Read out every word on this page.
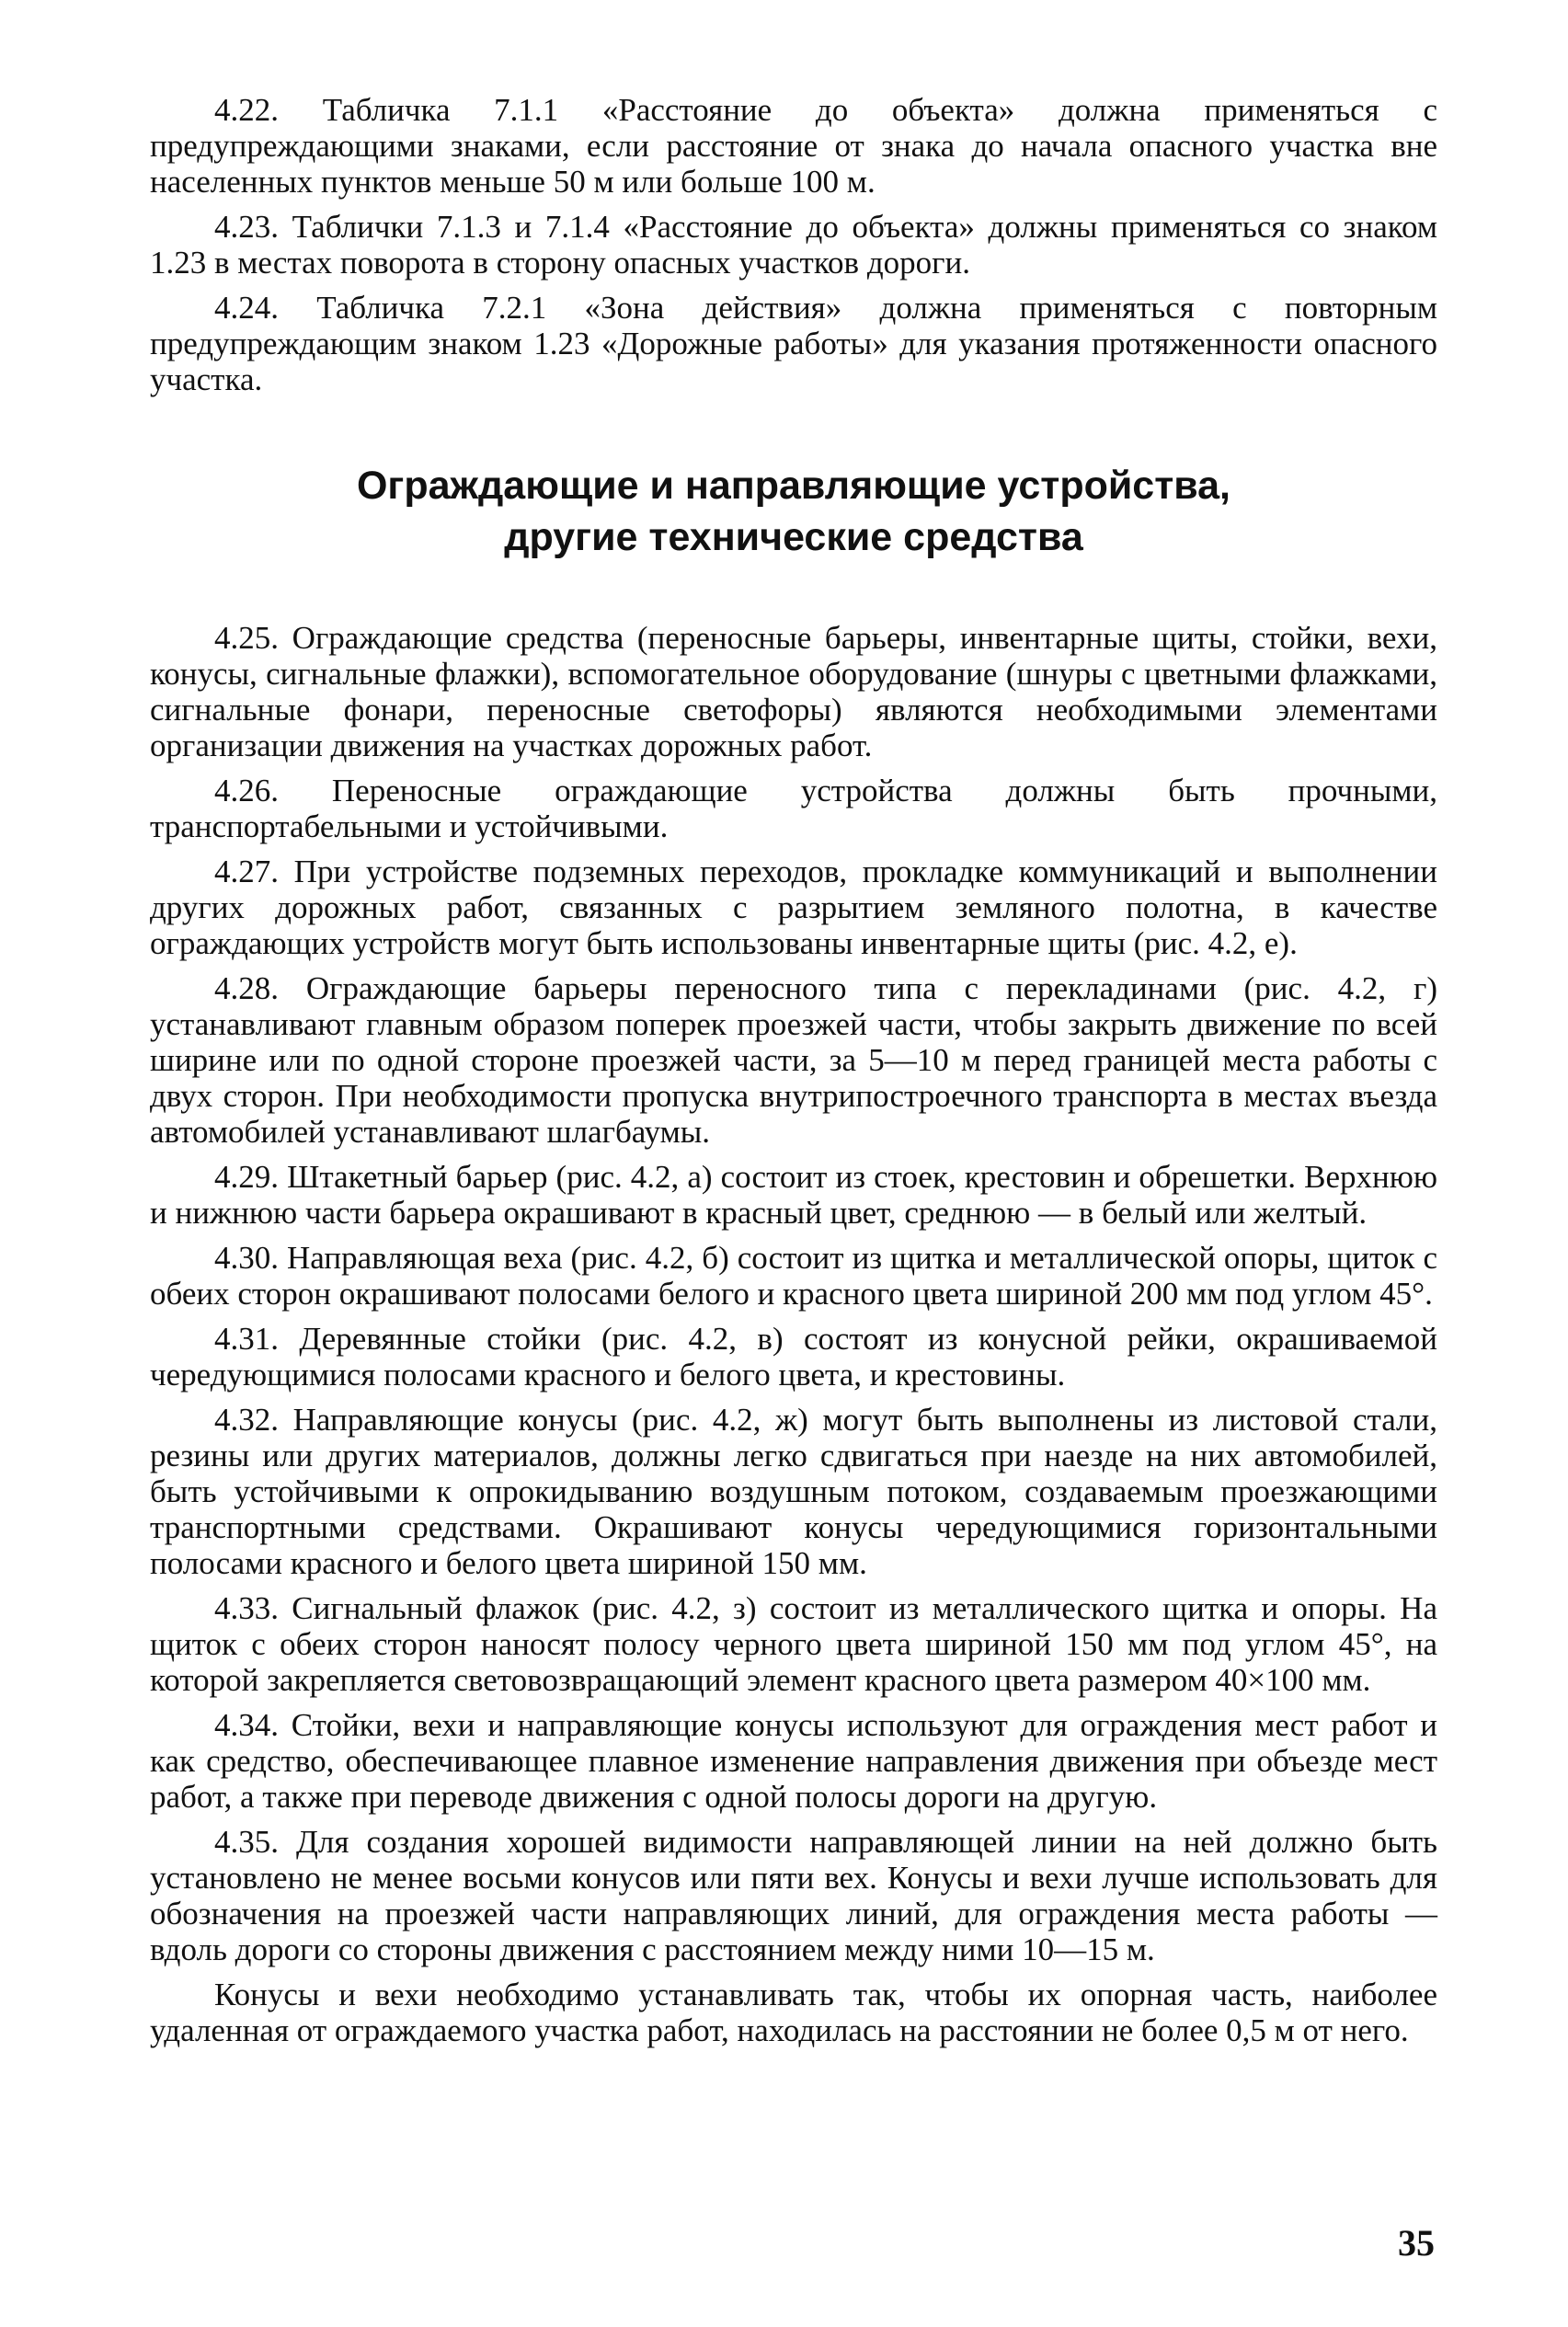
4.22. Табличка 7.1.1 «Расстояние до объекта» должна применяться с предупреждающими знаками, если расстояние от знака до начала опасного участка вне населенных пунктов меньше 50 м или больше 100 м.

4.23. Таблички 7.1.3 и 7.1.4 «Расстояние до объекта» должны применяться со знаком 1.23 в местах поворота в сторону опасных участков дороги.

4.24. Табличка 7.2.1 «Зона действия» должна применяться с повторным предупреждающим знаком 1.23 «Дорожные работы» для указания протяженности опасного участка.

Ограждающие и направляющие устройства,
другие технические средства

4.25. Ограждающие средства (переносные барьеры, инвентарные щиты, стойки, вехи, конусы, сигнальные флажки), вспомогательное оборудование (шнуры с цветными флажками, сигнальные фонари, переносные светофоры) являются необходимыми элементами организации движения на участках дорожных работ.

4.26. Переносные ограждающие устройства должны быть прочными, транспортабельными и устойчивыми.

4.27. При устройстве подземных переходов, прокладке коммуникаций и выполнении других дорожных работ, связанных с разрытием земляного полотна, в качестве ограждающих устройств могут быть использованы инвентарные щиты (рис. 4.2, е).

4.28. Ограждающие барьеры переносного типа с перекладинами (рис. 4.2, г) устанавливают главным образом поперек проезжей части, чтобы закрыть движение по всей ширине или по одной стороне проезжей части, за 5—10 м перед границей места работы с двух сторон. При необходимости пропуска внутрипостроечного транспорта в местах въезда автомобилей устанавливают шлагбаумы.

4.29. Штакетный барьер (рис. 4.2, а) состоит из стоек, крестовин и обрешетки. Верхнюю и нижнюю части барьера окрашивают в красный цвет, среднюю — в белый или желтый.

4.30. Направляющая веха (рис. 4.2, б) состоит из щитка и металлической опоры, щиток с обеих сторон окрашивают полосами белого и красного цвета шириной 200 мм под углом 45°.

4.31. Деревянные стойки (рис. 4.2, в) состоят из конусной рейки, окрашиваемой чередующимися полосами красного и белого цвета, и крестовины.

4.32. Направляющие конусы (рис. 4.2, ж) могут быть выполнены из листовой стали, резины или других материалов, должны легко сдвигаться при наезде на них автомобилей, быть устойчивыми к опрокидыванию воздушным потоком, создаваемым проезжающими транспортными средствами. Окрашивают конусы чередующимися горизонтальными полосами красного и белого цвета шириной 150 мм.

4.33. Сигнальный флажок (рис. 4.2, з) состоит из металлического щитка и опоры. На щиток с обеих сторон наносят полосу черного цвета шириной 150 мм под углом 45°, на которой закрепляется световозвращающий элемент красного цвета размером 40×100 мм.

4.34. Стойки, вехи и направляющие конусы используют для ограждения мест работ и как средство, обеспечивающее плавное изменение направления движения при объезде мест работ, а также при переводе движения с одной полосы дороги на другую.

4.35. Для создания хорошей видимости направляющей линии на ней должно быть установлено не менее восьми конусов или пяти вех. Конусы и вехи лучше использовать для обозначения на проезжей части направляющих линий, для ограждения места работы — вдоль дороги со стороны движения с расстоянием между ними 10—15 м.

Конусы и вехи необходимо устанавливать так, чтобы их опорная часть, наиболее удаленная от ограждаемого участка работ, находилась на расстоянии не более 0,5 м от него.

35
